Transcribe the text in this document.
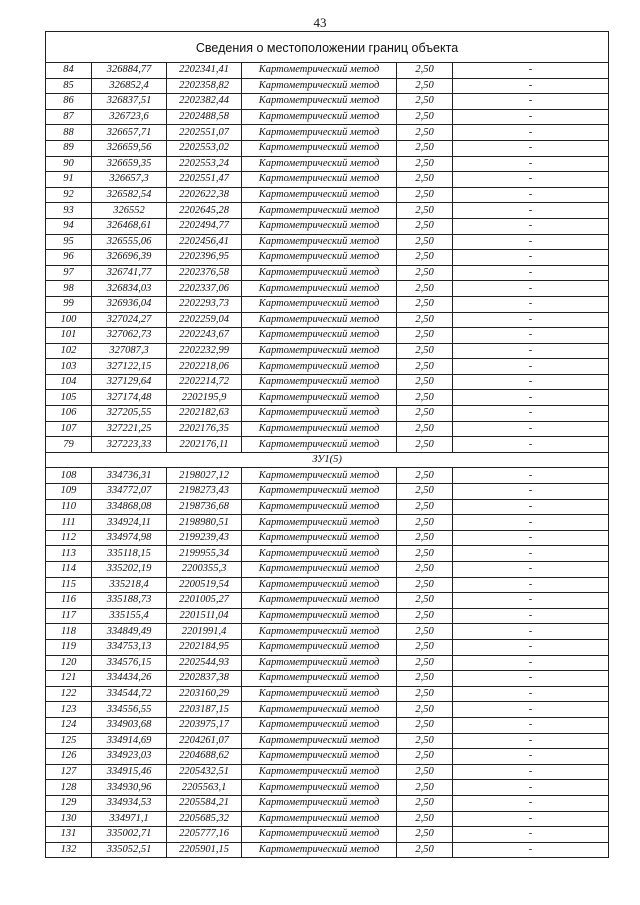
43
Сведения о местоположении границ объекта					
84	326884,77	2202341,41	Картометрический метод	2,50	-
85	326852,4	2202358,82	Картометрический метод	2,50	-
86	326837,51	2202382,44	Картометрический метод	2,50	-
87	326723,6	2202488,58	Картометрический метод	2,50	-
88	326657,71	2202551,07	Картометрический метод	2,50	-
89	326659,56	2202553,02	Картометрический метод	2,50	-
90	326659,35	2202553,24	Картометрический метод	2,50	-
91	326657,3	2202551,47	Картометрический метод	2,50	-
92	326582,54	2202622,38	Картометрический метод	2,50	-
93	326552	2202645,28	Картометрический метод	2,50	-
94	326468,61	2202494,77	Картометрический метод	2,50	-
95	326555,06	2202456,41	Картометрический метод	2,50	-
96	326696,39	2202396,95	Картометрический метод	2,50	-
97	326741,77	2202376,58	Картометрический метод	2,50	-
98	326834,03	2202337,06	Картометрический метод	2,50	-
99	326936,04	2202293,73	Картометрический метод	2,50	-
100	327024,27	2202259,04	Картометрический метод	2,50	-
101	327062,73	2202243,67	Картометрический метод	2,50	-
102	327087,3	2202232,99	Картометрический метод	2,50	-
103	327122,15	2202218,06	Картометрический метод	2,50	-
104	327129,64	2202214,72	Картометрический метод	2,50	-
105	327174,48	2202195,9	Картометрический метод	2,50	-
106	327205,55	2202182,63	Картометрический метод	2,50	-
107	327221,25	2202176,35	Картометрический метод	2,50	-
79	327223,33	2202176,11	Картометрический метод	2,50	-
ЗУ1(5)					
108	334736,31	2198027,12	Картометрический метод	2,50	-
109	334772,07	2198273,43	Картометрический метод	2,50	-
110	334868,08	2198736,68	Картометрический метод	2,50	-
111	334924,11	2198980,51	Картометрический метод	2,50	-
112	334974,98	2199239,43	Картометрический метод	2,50	-
113	335118,15	2199955,34	Картометрический метод	2,50	-
114	335202,19	2200355,3	Картометрический метод	2,50	-
115	335218,4	2200519,54	Картометрический метод	2,50	-
116	335188,73	2201005,27	Картометрический метод	2,50	-
117	335155,4	2201511,04	Картометрический метод	2,50	-
118	334849,49	2201991,4	Картометрический метод	2,50	-
119	334753,13	2202184,95	Картометрический метод	2,50	-
120	334576,15	2202544,93	Картометрический метод	2,50	-
121	334434,26	2202837,38	Картометрический метод	2,50	-
122	334544,72	2203160,29	Картометрический метод	2,50	-
123	334556,55	2203187,15	Картометрический метод	2,50	-
124	334903,68	2203975,17	Картометрический метод	2,50	-
125	334914,69	2204261,07	Картометрический метод	2,50	-
126	334923,03	2204688,62	Картометрический метод	2,50	-
127	334915,46	2205432,51	Картометрический метод	2,50	-
128	334930,96	2205563,1	Картометрический метод	2,50	-
129	334934,53	2205584,21	Картометрический метод	2,50	-
130	334971,1	2205685,32	Картометрический метод	2,50	-
131	335002,71	2205777,16	Картометрический метод	2,50	-
132	335052,51	2205901,15	Картометрический метод	2,50	-
